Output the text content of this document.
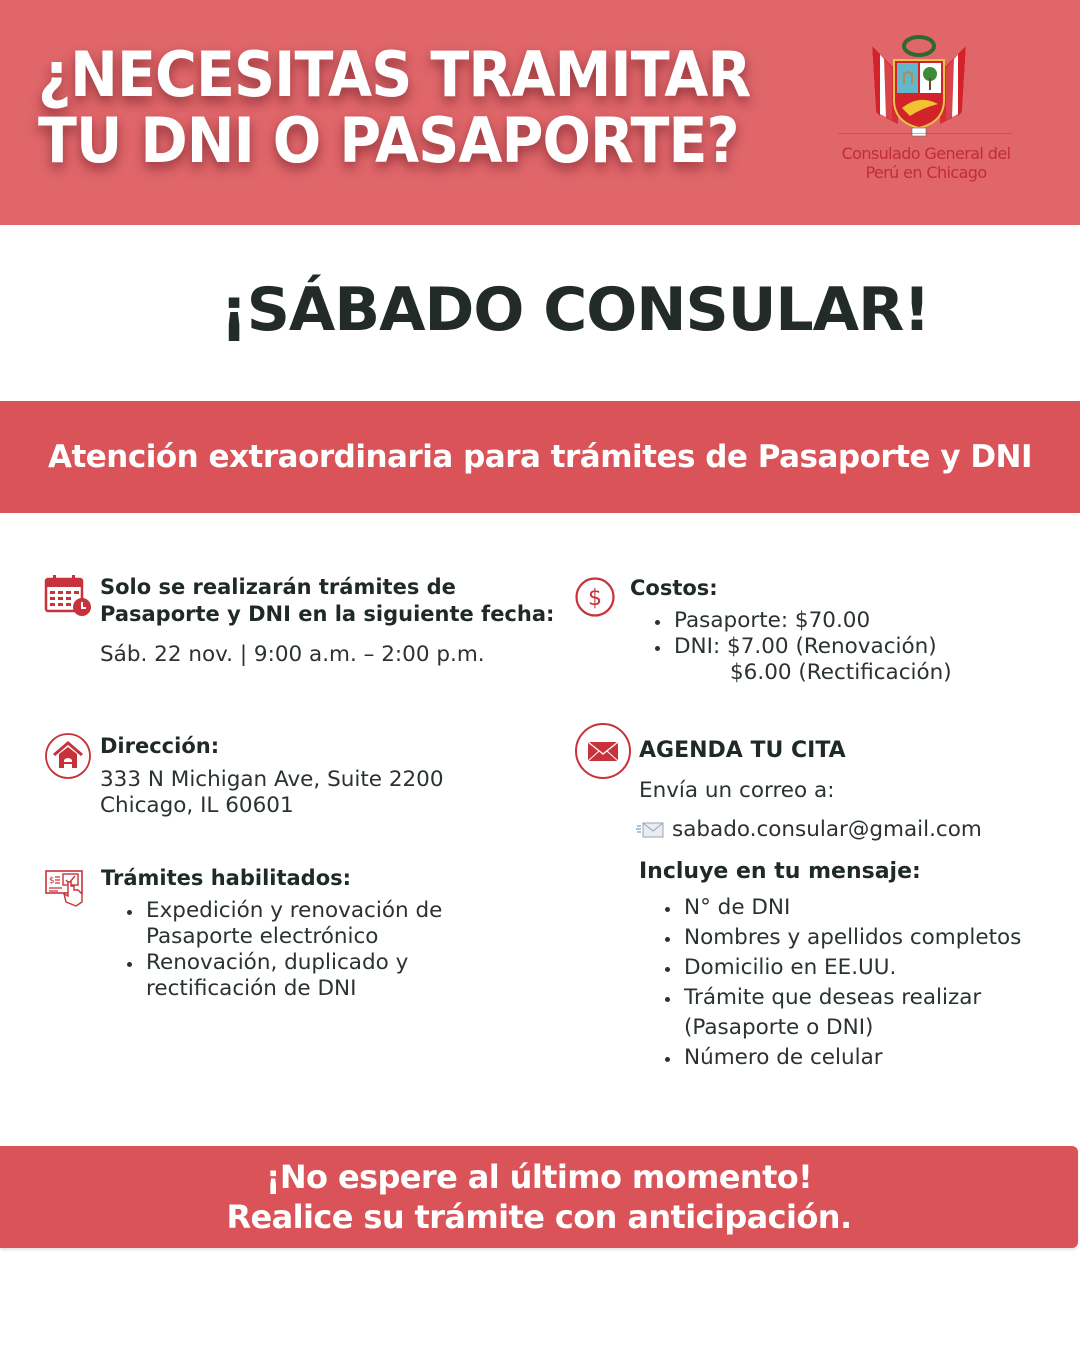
¿NECESITAS TRAMITAR
TU DNI O PASAPORTE?	Consulado General del
Perú en Chicago
¡SÁBADO CONSULAR!
Atención extraordinaria para trámites de Pasaporte y DNI
Solo se realizarán trámites de
Pasaporte y DNI en la siguiente fecha:
Sáb. 22 nov. | 9:00 a.m. – 2:00 p.m.
$ Costos:
Pasaporte: $70.00
DNI: $7.00 (Renovación)
$6.00 (Rectificación)
Dirección:
333 N Michigan Ave, Suite 2200
Chicago, IL 60601
$ Trámites habilitados:
Expedición y renovación de Pasaporte electrónico
Renovación, duplicado y rectificación de DNI
AGENDA TU CITA
Envía un correo a:
sabado.consular@gmail.com
Incluye en tu mensaje:
N° de DNI
Nombres y apellidos completos
Domicilio en EE.UU.
Trámite que deseas realizar (Pasaporte o DNI)
Número de celular
¡No espere al último momento!
Realice su trámite con anticipación.
